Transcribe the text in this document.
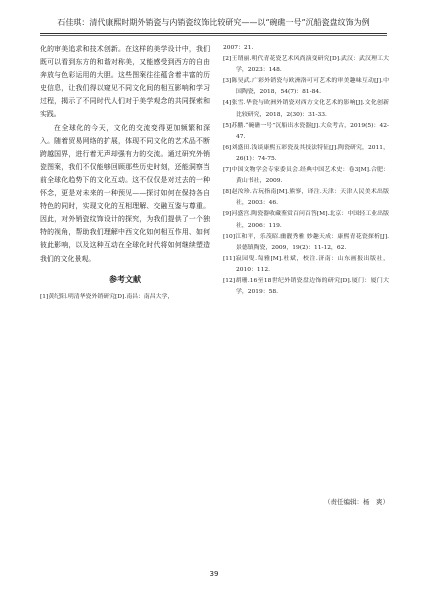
石佳琪：清代康熙时期外销瓷与内销瓷纹饰比较研究——以“碗礁一号”沉船瓷盘纹饰为例

化的审美追求和技术创新。在这样的美学设计中，我们既可以看到东方的和谐对称美，又能感受到西方的自由奔放与色彩运用的大胆。这些图案往往蕴含着丰富的历史信息，让我们得以窥见不同文化间的相互影响和学习过程，揭示了不同时代人们对于美学观念的共同探索和实践。

在全球化的今天，文化的交流变得更加频繁和深入。随着贸易网络的扩展，体现不同文化的艺术品不断跨越国界，进行着无声却强有力的交流。通过研究外销瓷图案，我们不仅能够回顾那些历史时刻，还能洞察当前全球化趋势下的文化互动。这不仅仅是对过去的一种怀念，更是对未来的一种预见——探讨如何在保持各自特色的同时，实现文化的互相理解、交融互鉴与尊重。因此，对外销瓷纹饰设计的探究，为我们提供了一个独特的视角，帮助我们理解中西文化如何相互作用、如何彼此影响，以及这种互动在全球化时代将如何继续塑造我们的文化景观。

参考文献
[1]黄纪阳.明清华瓷外销研究[D].南昌：南昌大学，
2007：21.
[2]王谓丽.明代青花瓷艺术风尚演变研究[D].武汉：武汉理工大学，2023：148.
[3]陈昊武.广彩外销瓷与欧洲洛可可艺术的审美趣味互动[J].中国陶瓷，2018，54(7)：81-84.
[4]张雪.华瓷与欧洲外销瓷对西方文化艺术的影响[J].文化创新比较研究，2018，2(30)：31-33.
[5]苏鹏.“碗礁一号”沉船出水瓷器[J].大众考古，2019(5)：42-47.
[6]刘盛田.浅谈康熙五彩瓷及其技法特征[J].陶瓷研究，2011，26(1)：74-75.
[7]中国文物学会专家委员会.经典中国艺术史：卷3[M].合肥：黄山书社，2009.
[8]赵汝珍.古玩指南[M].熊寥，译注.天津：天津人民美术出版社，2003：46.
[9]河盛宫.陶瓷器收藏鉴赏百问百答[M].北京：中国轻工业出版社，2006：119.
[10]江和平，乐茂昭.幽靓秀雅 妙趣天成：康熙青花瓷探析[J].景德镇陶瓷，2009，19(2)：11-12，62.
[11]寂园叟.匋雅[M].杜斌，校注.济南：山东画报出版社，2010：112.
[12]胡珊.16至18世纪外销瓷盘边饰的研究[D].厦门：厦门大学，2019：58.
（责任编辑：杨　爽）
39
